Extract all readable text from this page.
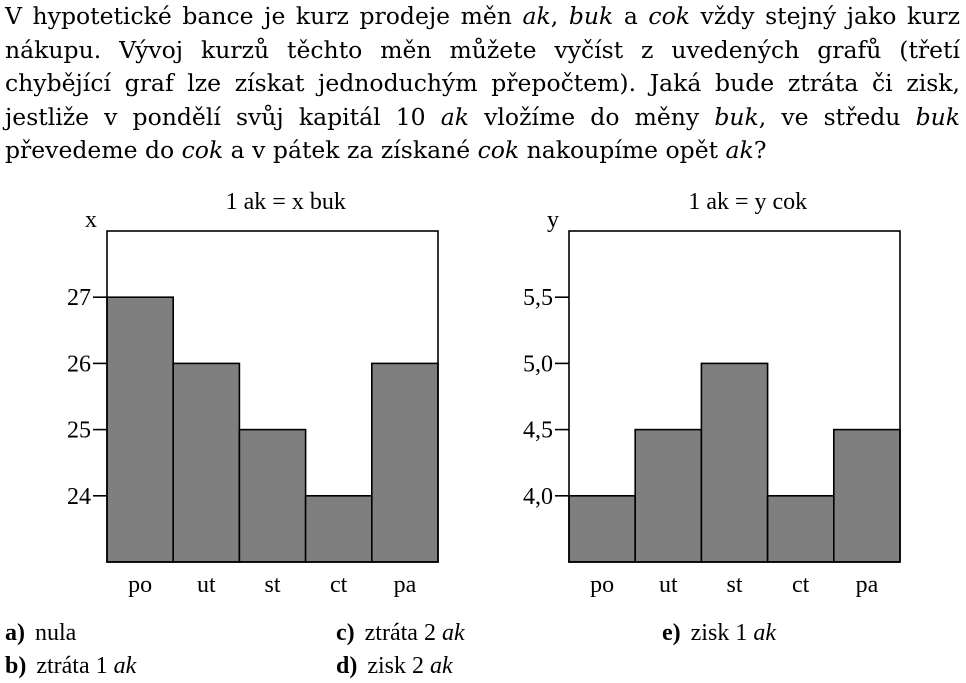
V hypotetické bance je kurz prodeje měn ak, buk a cok vždy stejný jako kurz nákupu. Vývoj kurzů těchto měn můžete vyčíst z uvedených grafů (třetí chybějící graf lze získat jednoduchým přepočtem). Jaká bude ztráta či zisk, jestliže v pondělí svůj kapitál 10 ak vložíme do měny buk, ve středu buk převedeme do cok a v pátek za získané cok nakoupíme opět ak?

24
25
26
27
po ut st ct pa
1 ak = x buk
x
4,0
4,5
5,0
5,5
po ut st ct pa
1 ak = y cok
y
a) nula
b) ztráta 1 ak
c) ztráta 2 ak
d) zisk 2 ak
e) zisk 1 ak
